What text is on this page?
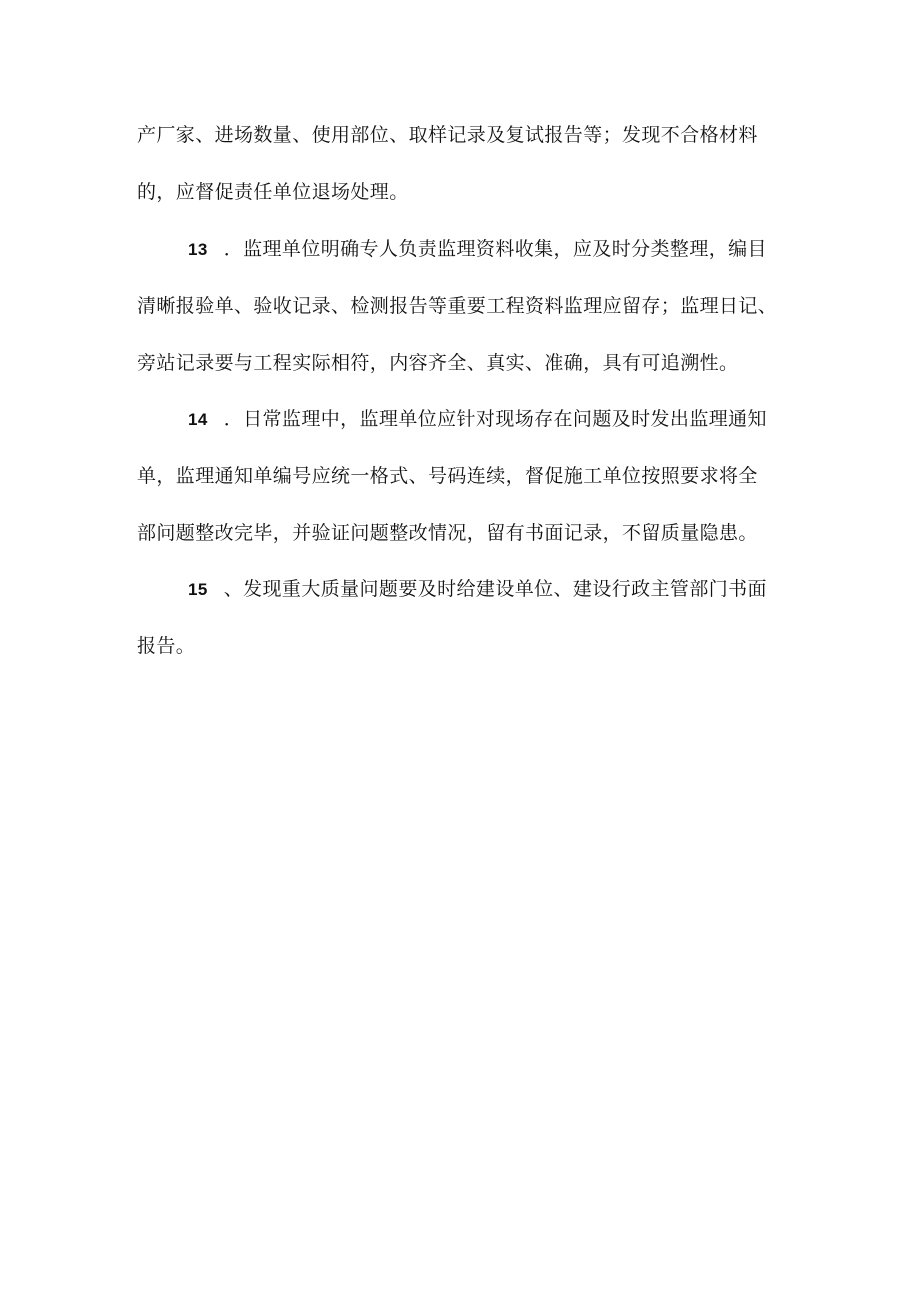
产厂家、进场数量、使用部位、取样记录及复试报告等；发现不合格材料

的，应督促责任单位退场处理。

13 ．监理单位明确专人负责监理资料收集，应及时分类整理，编目

清晰报验单、验收记录、检测报告等重要工程资料监理应留存；监理日记、

旁站记录要与工程实际相符，内容齐全、真实、准确，具有可追溯性。

14 ．日常监理中，监理单位应针对现场存在问题及时发出监理通知

单，监理通知单编号应统一格式、号码连续，督促施工单位按照要求将全

部问题整改完毕，并验证问题整改情况，留有书面记录，不留质量隐患。

15 、发现重大质量问题要及时给建设单位、建设行政主管部门书面

报告。
